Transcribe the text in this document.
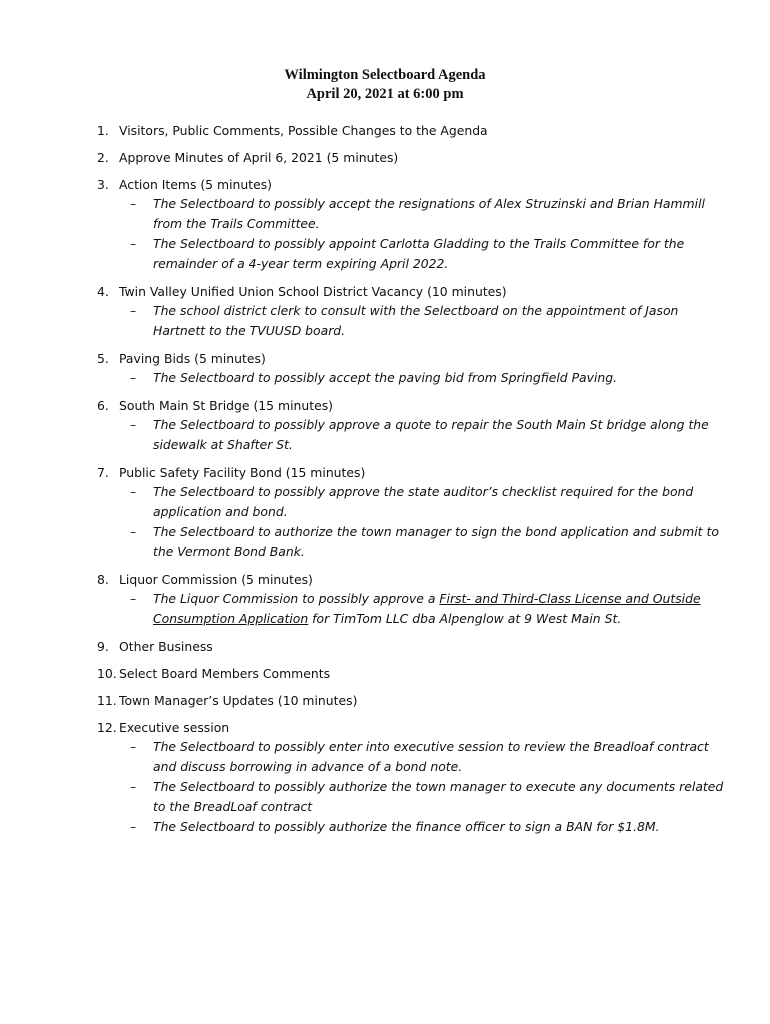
Wilmington Selectboard Agenda
April 20, 2021 at 6:00 pm
1. Visitors, Public Comments, Possible Changes to the Agenda
2. Approve Minutes of April 6, 2021 (5 minutes)
3. Action Items (5 minutes)
–	The Selectboard to possibly accept the resignations of Alex Struzinski and Brian Hammill from the Trails Committee.
–	The Selectboard to possibly appoint Carlotta Gladding to the Trails Committee for the remainder of a 4-year term expiring April 2022.
4. Twin Valley Unified Union School District Vacancy (10 minutes)
–	The school district clerk to consult with the Selectboard on the appointment of Jason Hartnett to the TVUUSD board.
5. Paving Bids (5 minutes)
–	The Selectboard to possibly accept the paving bid from Springfield Paving.
6. South Main St Bridge (15 minutes)
–	The Selectboard to possibly approve a quote to repair the South Main St bridge along the sidewalk at Shafter St.
7. Public Safety Facility Bond (15 minutes)
–	The Selectboard to possibly approve the state auditor’s checklist required for the bond application and bond.
–	The Selectboard to authorize the town manager to sign the bond application and submit to the Vermont Bond Bank.
8. Liquor Commission (5 minutes)
–	The Liquor Commission to possibly approve a First- and Third-Class License and Outside Consumption Application for TimTom LLC dba Alpenglow at 9 West Main St.
9. Other Business
10. Select Board Members Comments
11. Town Manager’s Updates (10 minutes)
12. Executive session
–	The Selectboard to possibly enter into executive session to review the Breadloaf contract and discuss borrowing in advance of a bond note.
–	The Selectboard to possibly authorize the town manager to execute any documents related to the BreadLoaf contract
–	The Selectboard to possibly authorize the finance officer to sign a BAN for $1.8M.
